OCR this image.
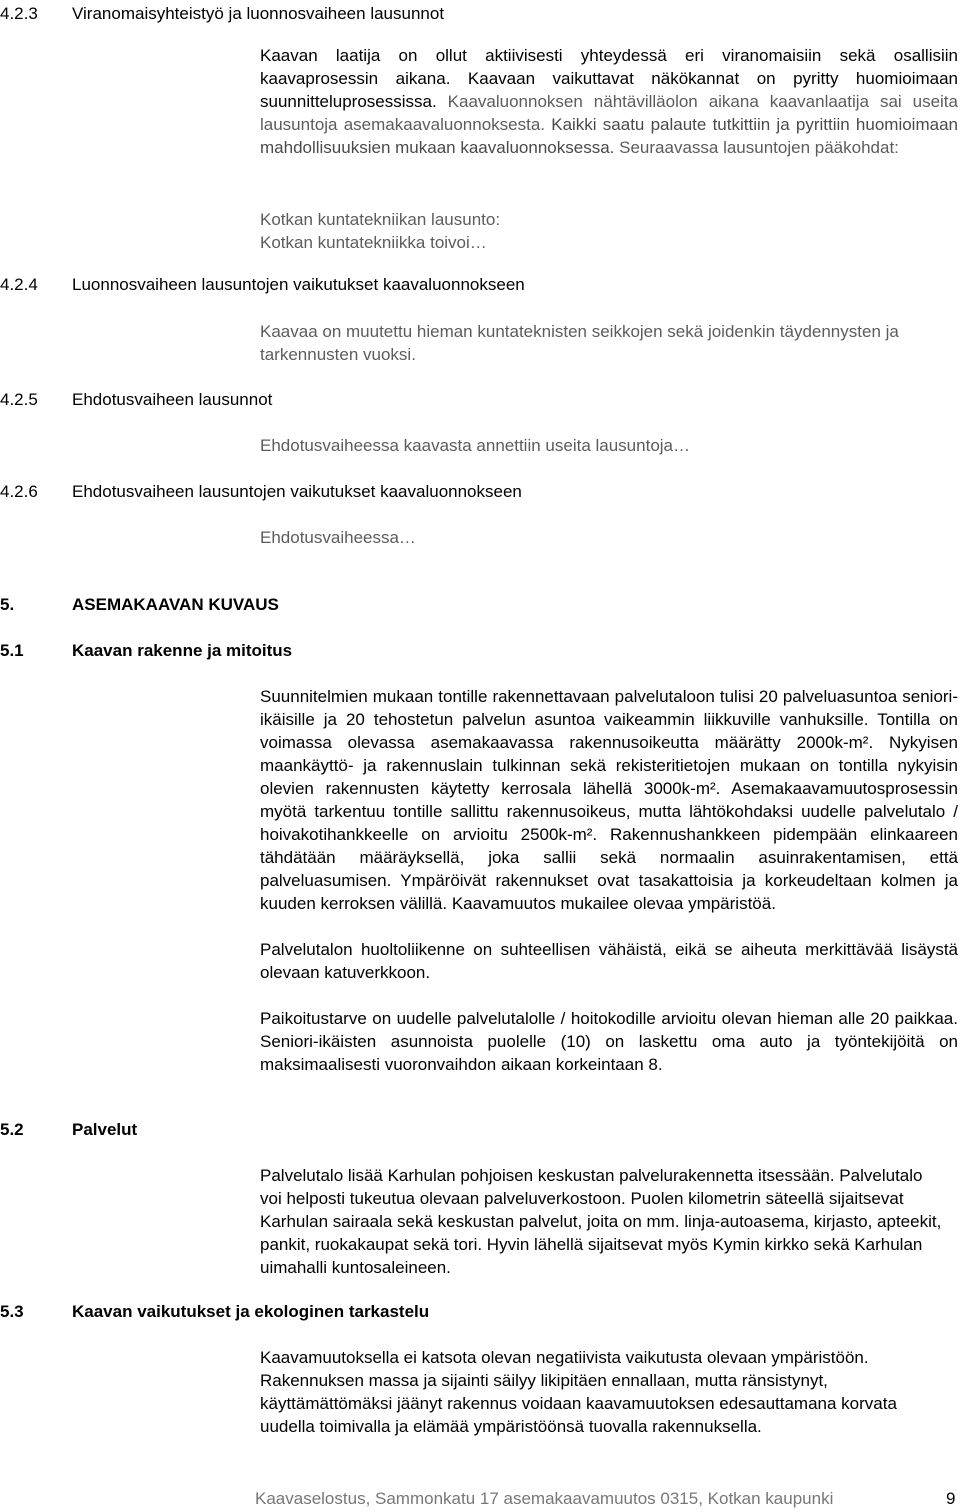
4.2.3 Viranomaisyhteistyö ja luonnosvaiheen lausunnot

Kaavan laatija on ollut aktiivisesti yhteydessä eri viranomaisiin sekä osallisiin kaavaprosessin aikana. Kaavaan vaikuttavat näkökannat on pyritty huomioimaan suunnitteluprosessissa. Kaavaluonnoksen nähtävilläolon aikana kaavanlaatija sai useita lausuntoja asemakaavaluonnoksesta. Kaikki saatu palaute tutkittiin ja pyrittiin huomioimaan mahdollisuuksien mukaan kaavaluonnoksessa. Seuraavassa lausuntojen pääkohdat:

Kotkan kuntatekniikan lausunto:

Kotkan kuntatekniikka toivoi…

4.2.4 Luonnosvaiheen lausuntojen vaikutukset kaavaluonnokseen

Kaavaa on muutettu hieman kuntateknisten seikkojen sekä joidenkin täydennysten ja tarkennusten vuoksi.

4.2.5 Ehdotusvaiheen lausunnot

Ehdotusvaiheessa kaavasta annettiin useita lausuntoja…

4.2.6 Ehdotusvaiheen lausuntojen vaikutukset kaavaluonnokseen

Ehdotusvaiheessa…

5.	ASEMAKAAVAN KUVAUS
5.1	Kaavan rakenne ja mitoitus

Suunnitelmien mukaan tontille rakennettavaan palvelutaloon tulisi 20 palveluasuntoa seniori-ikäisille ja 20 tehostetun palvelun asuntoa vaikeammin liikkuville vanhuksille. Tontilla on voimassa olevassa asemakaavassa rakennusoikeutta määrätty 2000k-m². Nykyisen maankäyttö- ja rakennuslain tulkinnan sekä rekisteritietojen mukaan on tontilla nykyisin olevien rakennusten käytetty kerrosala lähellä 3000k-m². Asemakaavamuutosprosessin myötä tarkentuu tontille sallittu rakennusoikeus, mutta lähtökohdaksi uudelle palvelutalo / hoivakotihankkeelle on arvioitu 2500k-m². Rakennushankkeen pidempään elinkaareen tähdätään määräyksellä, joka sallii sekä normaalin asuinrakentamisen, että palveluasumisen. Ympäröivät rakennukset ovat tasakattoisia ja korkeudeltaan kolmen ja kuuden kerroksen välillä. Kaavamuutos mukailee olevaa ympäristöä.

Palvelutalon huoltoliikenne on suhteellisen vähäistä, eikä se aiheuta merkittävää lisäystä olevaan katuverkkoon.

Paikoitustarve on uudelle palvelutalolle / hoitokodille arvioitu olevan hieman alle 20 paikkaa. Seniori-ikäisten asunnoista puolelle (10) on laskettu oma auto ja työntekijöitä on maksimaalisesti vuoronvaihdon aikaan korkeintaan 8.

5.2	Palvelut

Palvelutalo lisää Karhulan pohjoisen keskustan palvelurakennetta itsessään. Palvelutalo voi helposti tukeutua olevaan palveluverkostoon. Puolen kilometrin säteellä sijaitsevat Karhulan sairaala sekä keskustan palvelut, joita on mm. linja-autoasema, kirjasto, apteekit, pankit, ruokakaupat sekä tori. Hyvin lähellä sijaitsevat myös Kymin kirkko sekä Karhulan uimahalli kuntosaleineen.

5.3	Kaavan vaikutukset ja ekologinen tarkastelu

Kaavamuutoksella ei katsota olevan negatiivista vaikutusta olevaan ympäristöön. Rakennuksen massa ja sijainti säilyy likipitäen ennallaan, mutta ränsistynyt, käyttämättömäksi jäänyt rakennus voidaan kaavamuutoksen edesauttamana korvata uudella toimivalla ja elämää ympäristöönsä tuovalla rakennuksella.

Kaavaselostus, Sammonkatu 17 asemakaavamuutos 0315, Kotkan kaupunki	9
